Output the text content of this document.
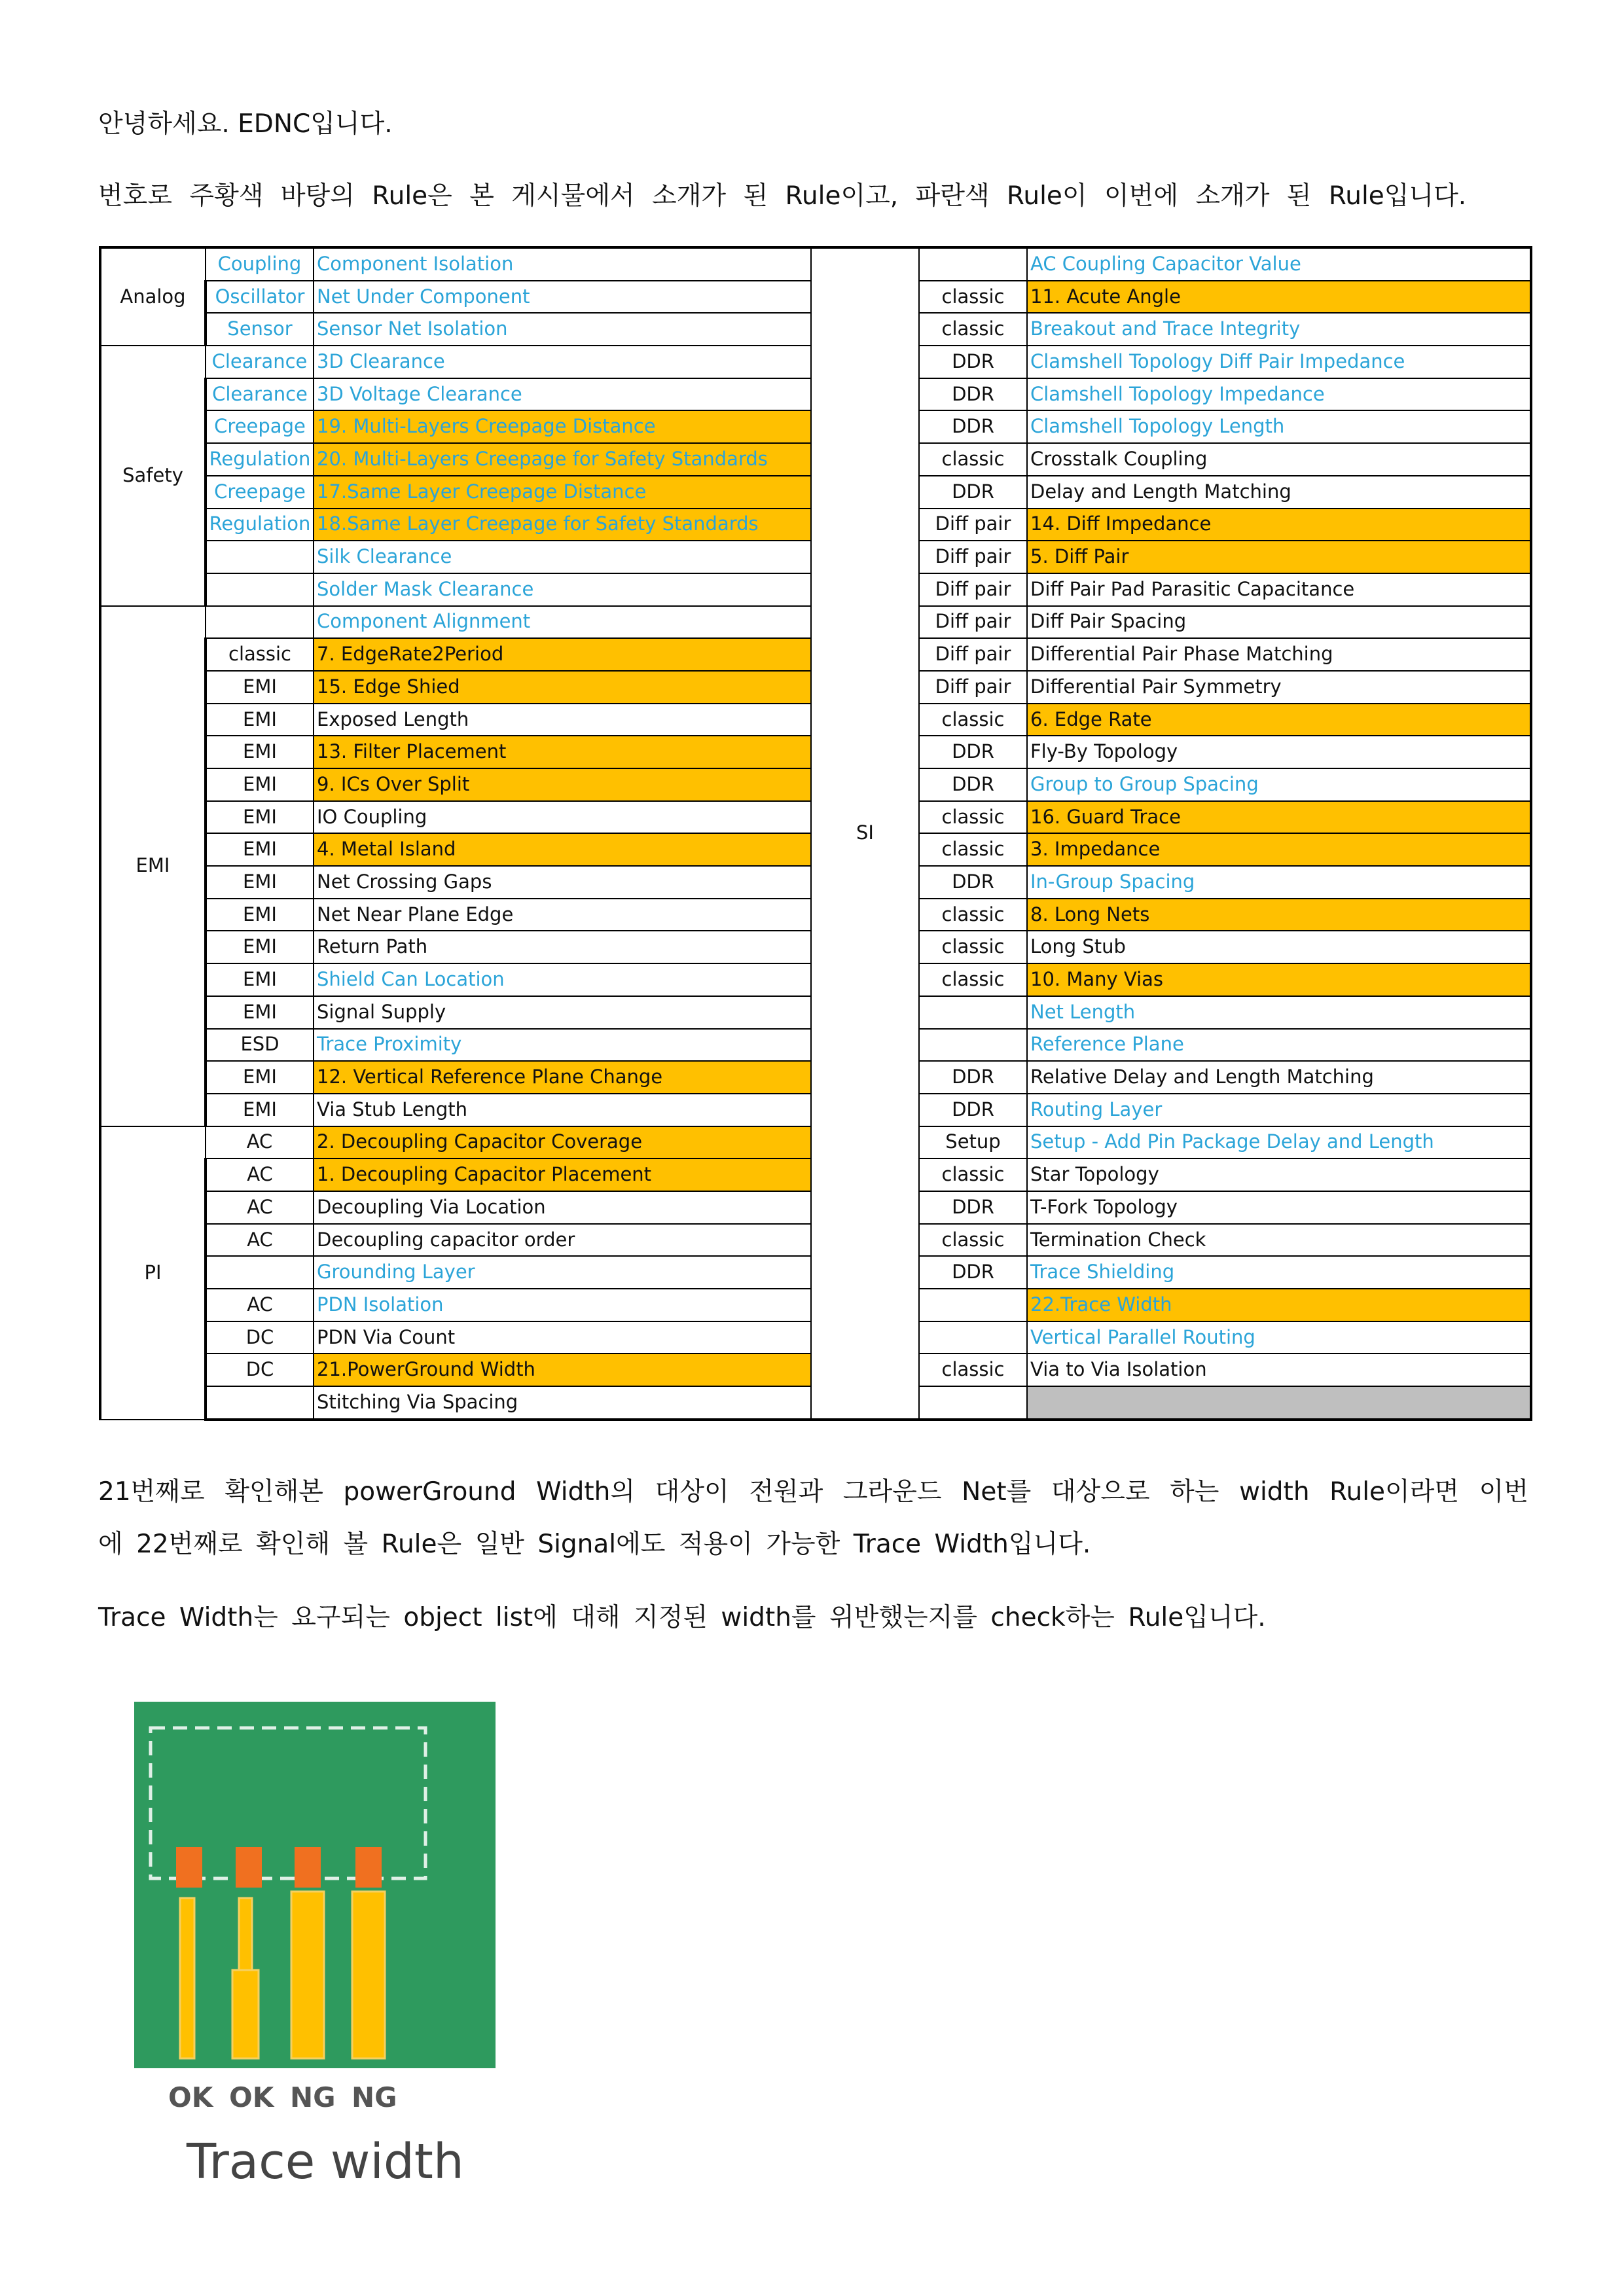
안녕하세요. EDNC입니다.

번호로 주황색 바탕의 Rule은 본 게시물에서 소개가 된 Rule이고, 파란색 Rule이 이번에 소개가 된 Rule입니다.

Analog	Coupling	Component Isolation	SI		AC Coupling Capacitor Value
	Oscillator	Net Under Component		classic	11. Acute Angle
	Sensor	Sensor Net Isolation		classic	Breakout and Trace Integrity
Safety	Clearance	3D Clearance		DDR	Clamshell Topology Diff Pair Impedance
	Clearance	3D Voltage Clearance		DDR	Clamshell Topology Impedance
	Creepage	19. Multi-Layers Creepage Distance		DDR	Clamshell Topology Length
	Regulation	20. Multi-Layers Creepage for Safety Standards		classic	Crosstalk Coupling
	Creepage	17.Same Layer Creepage Distance		DDR	Delay and Length Matching
	Regulation	18.Same Layer Creepage for Safety Standards		Diff pair	14. Diff Impedance
		Silk Clearance		Diff pair	5. Diff Pair
		Solder Mask Clearance		Diff pair	Diff Pair Pad Parasitic Capacitance
EMI		Component Alignment		Diff pair	Diff Pair Spacing
	classic	7. EdgeRate2Period		Diff pair	Differential Pair Phase Matching
	EMI	15. Edge Shied		Diff pair	Differential Pair Symmetry
	EMI	Exposed Length		classic	6. Edge Rate
	EMI	13. Filter Placement		DDR	Fly-By Topology
	EMI	9. ICs Over Split		DDR	Group to Group Spacing
	EMI	IO Coupling		classic	16. Guard Trace
	EMI	4. Metal Island		classic	3. Impedance
	EMI	Net Crossing Gaps		DDR	In-Group Spacing
	EMI	Net Near Plane Edge		classic	8. Long Nets
	EMI	Return Path		classic	Long Stub
	EMI	Shield Can Location		classic	10. Many Vias
	EMI	Signal Supply			Net Length
	ESD	Trace Proximity			Reference Plane
	EMI	12. Vertical Reference Plane Change		DDR	Relative Delay and Length Matching
	EMI	Via Stub Length		DDR	Routing Layer
PI	AC	2. Decoupling Capacitor Coverage		Setup	Setup - Add Pin Package Delay and Length
	AC	1. Decoupling Capacitor Placement		classic	Star Topology
	AC	Decoupling Via Location		DDR	T-Fork Topology
	AC	Decoupling capacitor order		classic	Termination Check
		Grounding Layer		DDR	Trace Shielding
	AC	PDN Isolation			22.Trace Width
	DC	PDN Via Count			Vertical Parallel Routing
	DC	21.PowerGround Width		classic	Via to Via Isolation
		Stitching Via Spacing			

21번째로 확인해본 powerGround Width의 대상이 전원과 그라운드 Net를 대상으로 하는 width Rule이라면 이번

에 22번째로 확인해 볼 Rule은 일반 Signal에도 적용이 가능한 Trace Width입니다.

Trace Width는 요구되는 object list에 대해 지정된 width를 위반했는지를 check하는 Rule입니다.

OK OK NG NG
Trace width
